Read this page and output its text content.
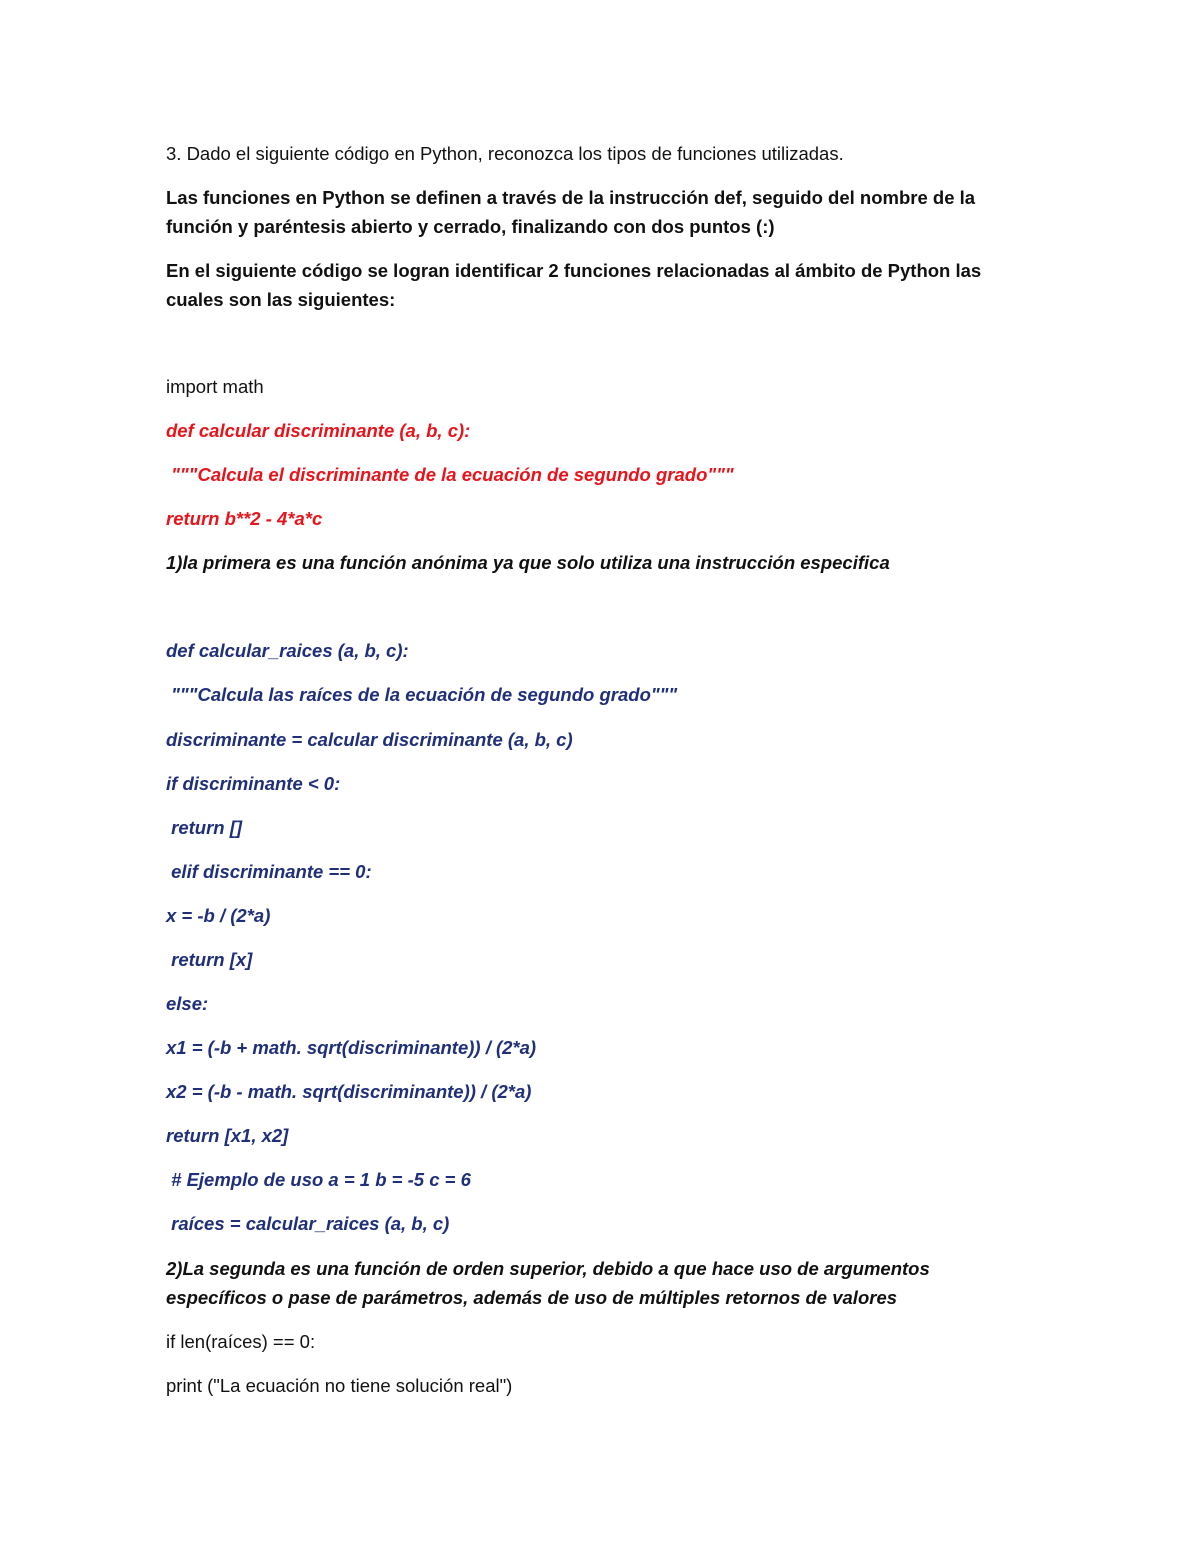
3. Dado el siguiente código en Python, reconozca los tipos de funciones utilizadas.

Las funciones en Python se definen a través de la instrucción def, seguido del nombre de la

función y paréntesis abierto y cerrado, finalizando con dos puntos (:)

En el siguiente código se logran identificar 2 funciones relacionadas al ámbito de Python las

cuales son las siguientes:

import math

def calcular discriminante (a, b, c):

"""Calcula el discriminante de la ecuación de segundo grado"""

return b**2 - 4*a*c

1)la primera es una función anónima ya que solo utiliza una instrucción especifica

def calcular_raices (a, b, c):

"""Calcula las raíces de la ecuación de segundo grado"""

discriminante = calcular discriminante (a, b, c)

if discriminante < 0:

return []

elif discriminante == 0:

x = -b / (2*a)

return [x]

else:

x1 = (-b + math. sqrt(discriminante)) / (2*a)

x2 = (-b - math. sqrt(discriminante)) / (2*a)

return [x1, x2]

# Ejemplo de uso a = 1 b = -5 c = 6

raíces = calcular_raices (a, b, c)

2)La segunda es una función de orden superior, debido a que hace uso de argumentos

específicos o pase de parámetros, además de uso de múltiples retornos de valores

if len(raíces) == 0:

print ("La ecuación no tiene solución real")
